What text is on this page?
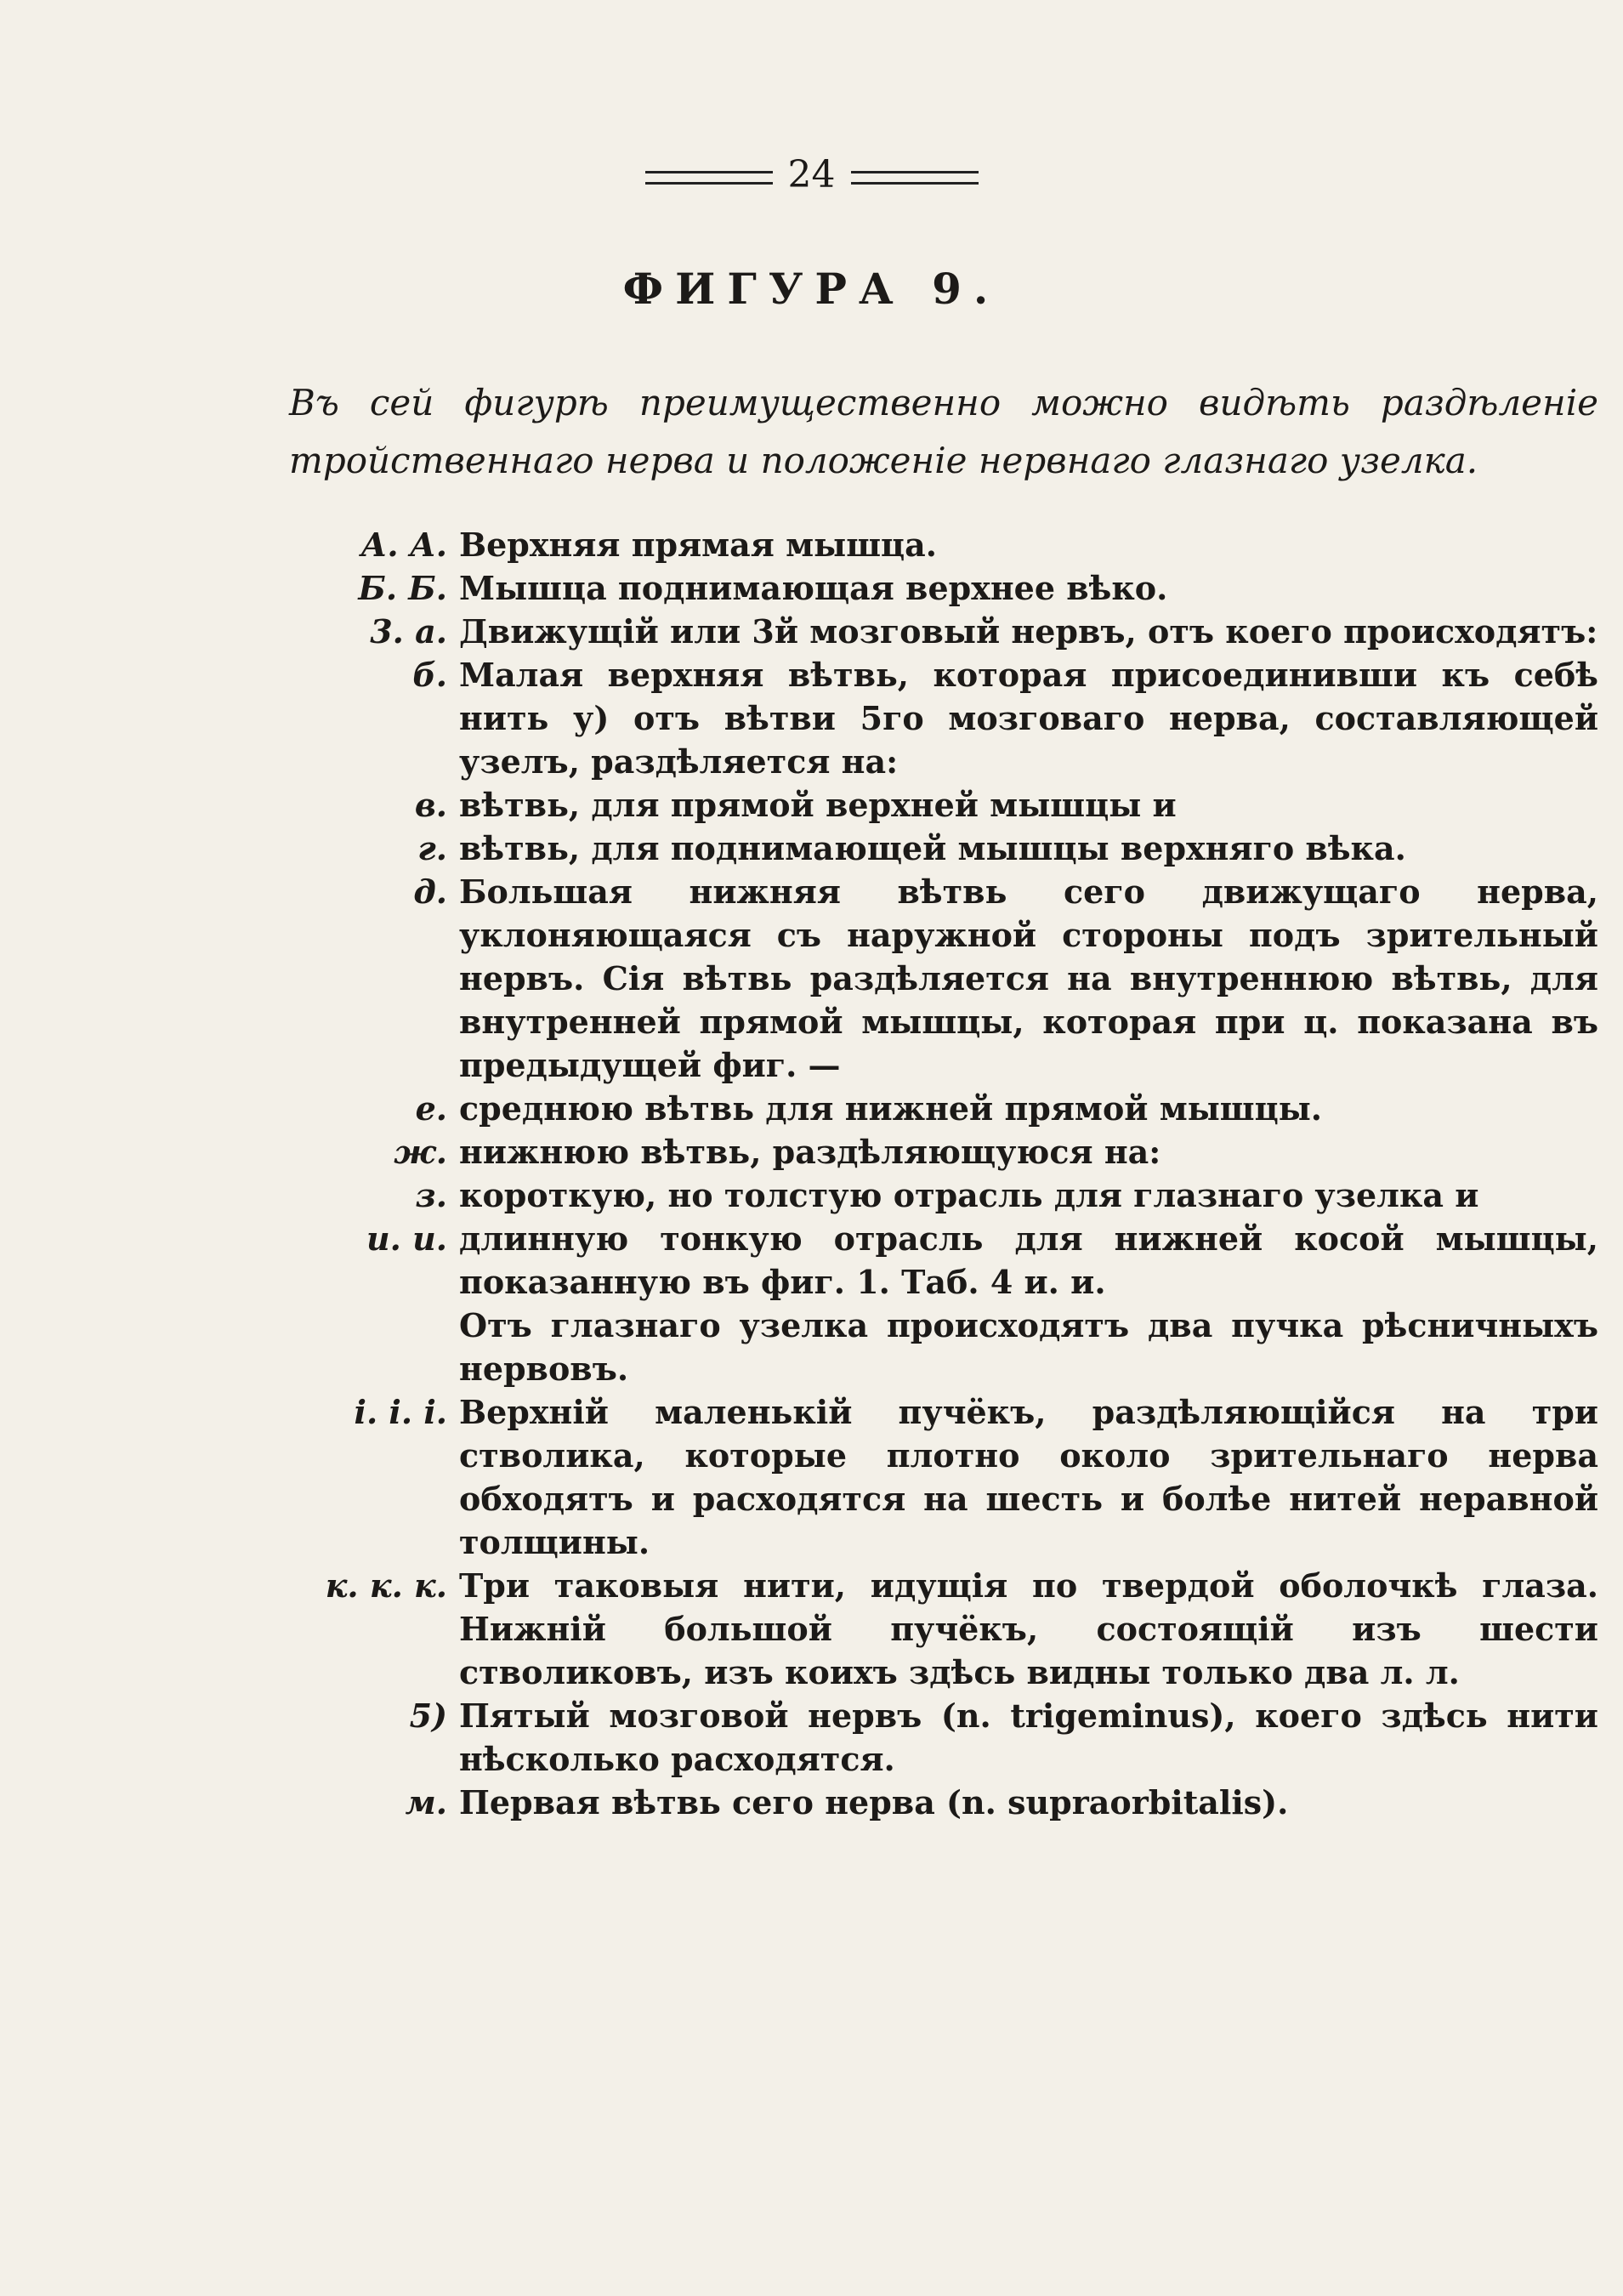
24
ФИГУРА 9.
Въ сей фигурѣ преимущественно можно видѣть раздѣленіе тройственнаго нерва и положеніе нервнаго глазнаго узелка.
А. А. Верхняя прямая мышца.
Б. Б. Мышца поднимающая верхнее вѣко.
3. а. Движущій или 3й мозговый нервъ, отъ коего происходятъ:
б. Малая верхняя вѣтвь, которая присоединивши къ себѣ нить у) отъ вѣтви 5го мозговаго нерва, составляющей узелъ, раздѣляется на:
в. вѣтвь, для прямой верхней мышцы и
г. вѣтвь, для поднимающей мышцы верхняго вѣка.
д. Большая нижняя вѣтвь сего движущаго нерва, уклоняющаяся съ наружной стороны подъ зрительный нервъ. Сія вѣтвь раздѣляется на внутреннюю вѣтвь, для внутренней прямой мышцы, которая при ц. показана въ предыдущей фиг. —
е. среднюю вѣтвь для нижней прямой мышцы.
ж. нижнюю вѣтвь, раздѣляющуюся на:
з. короткую, но толстую отрасль для глазнаго узелка и
и. и. длинную тонкую отрасль для нижней косой мышцы, показанную въ фиг. 1. Таб. 4 и. и.
Отъ глазнаго узелка происходятъ два пучка рѣсничныхъ нервовъ.
і. і. і. Верхній маленькій пучёкъ, раздѣляющійся на три стволика, которые плотно около зрительнаго нерва обходятъ и расходятся на шесть и болѣе нитей неравной толщины.
к. к. к. Три таковыя нити, идущія по твердой оболочкѣ глаза. Нижній большой пучёкъ, состоящій изъ шести стволиковъ, изъ коихъ здѣсь видны только два л. л.
5) Пятый мозговой нервъ (n. trigeminus), коего здѣсь нити нѣсколько расходятся.
м. Первая вѣтвь сего нерва (n. supraorbitalis).
